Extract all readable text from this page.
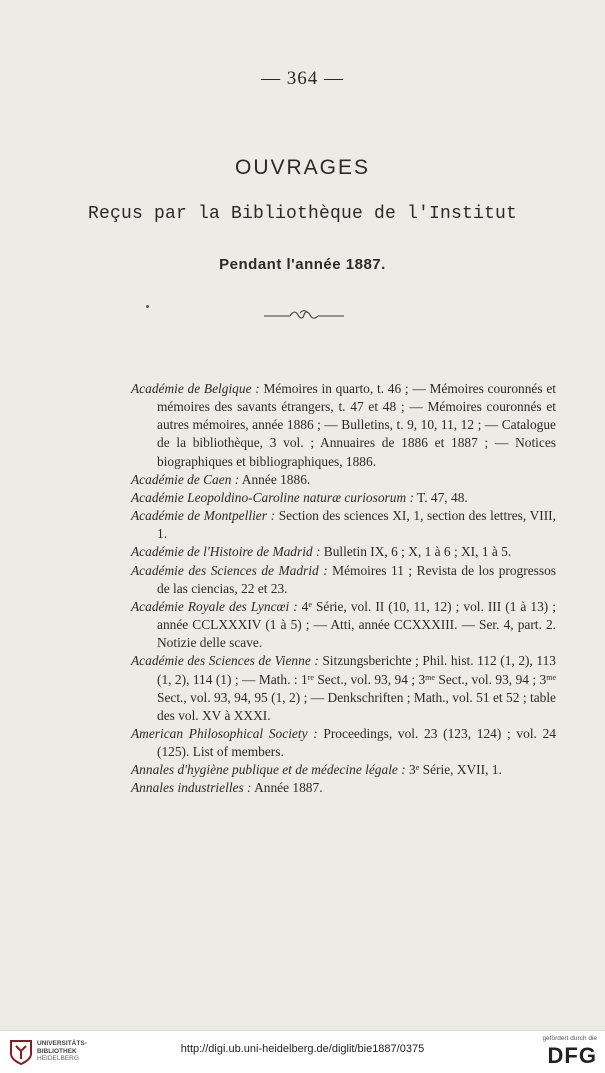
— 364 —
OUVRAGES
Reçus par la Bibliothèque de l'Institut
Pendant l'année 1887.

Académie de Belgique : Mémoires in quarto, t. 46 ; — Mémoires couronnés et mémoires des savants étrangers, t. 47 et 48 ; — Mémoires couronnés et autres mémoires, année 1886 ; — Bulletins, t. 9, 10, 11, 12 ; — Catalogue de la bibliothèque, 3 vol. ; Annuaires de 1886 et 1887 ; — Notices biographiques et bibliographiques, 1886.

Académie de Caen : Année 1886.

Académie Leopoldino-Caroline naturæ curiosorum : T. 47, 48.

Académie de Montpellier : Section des sciences XI, 1, section des lettres, VIII, 1.

Académie de l'Histoire de Madrid : Bulletin IX, 6 ; X, 1 à 6 ; XI, 1 à 5.

Académie des Sciences de Madrid : Mémoires 11 ; Revista de los progressos de las ciencias, 22 et 23.

Académie Royale des Lyncœi : 4e Série, vol. II (10, 11, 12) ; vol. III (1 à 13) ; année CCLXXXIV (1 à 5) ; — Atti, année CCXXXIII. — Ser. 4, part. 2. Notizie delle scave.

Académie des Sciences de Vienne : Sitzungsberichte ; Phil. hist. 112 (1, 2), 113 (1, 2), 114 (1) ; — Math. : 1re Sect., vol. 93, 94 ; $3^{me}$ Sect., vol. 93, 94 ; $3^{me}$ Sect., vol. 93, 94, 95 (1, 2) ; — Denkschriften ; Math., vol. 51 et 52 ; table des vol. XV à XXXI.

American Philosophical Society : Proceedings, vol. 23 (123, 124) ; vol. 24 (125). List of members.

Annales d'hygiène publique et de médecine légale : 3e Série, XVII, 1.

Annales industrielles : Année 1887.

UNIVERSITÄTS-
BIBLIOTHEK
HEIDELBERG
http://digi.ub.uni-heidelberg.de/diglit/bie1887/0375
gefördert durch die
DFG
